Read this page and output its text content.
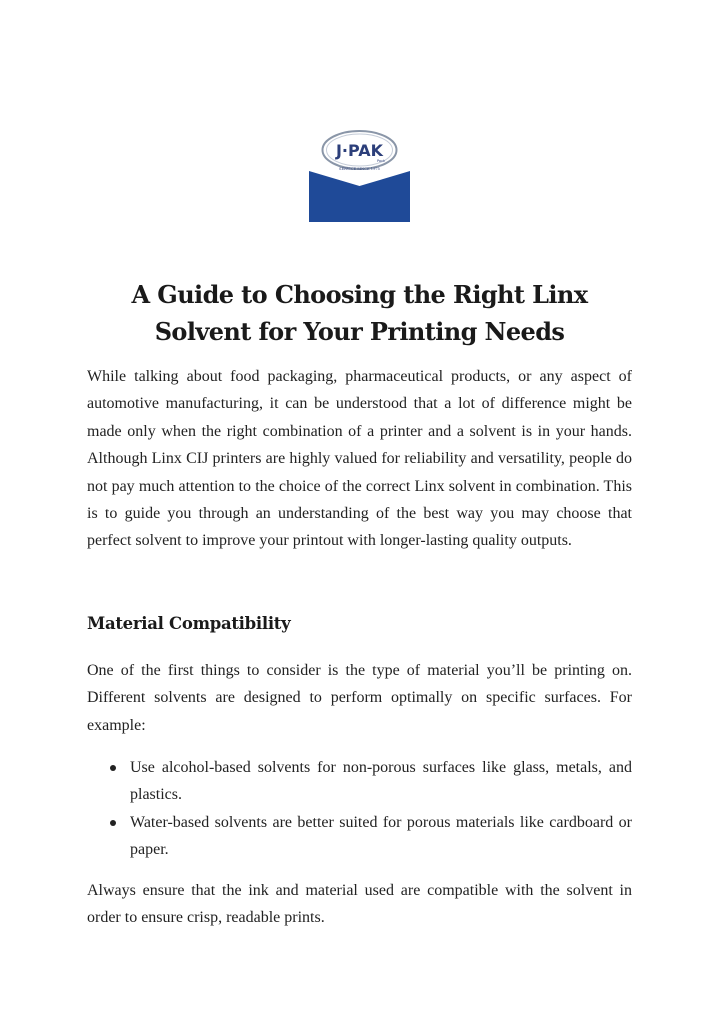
J·PAK
Pack
SERVICE SINCE 1975
A Guide to Choosing the Right Linx Solvent for Your Printing Needs

While talking about food packaging, pharmaceutical products, or any aspect of automotive manufacturing, it can be understood that a lot of difference might be made only when the right combination of a printer and a solvent is in your hands. Although Linx CIJ printers are highly valued for reliability and versatility, people do not pay much attention to the choice of the correct Linx solvent in combination. This is to guide you through an understanding of the best way you may choose that perfect solvent to improve your printout with longer-lasting quality outputs.

Material Compatibility

One of the first things to consider is the type of material you’ll be printing on. Different solvents are designed to perform optimally on specific surfaces. For example:

Use alcohol-based solvents for non-porous surfaces like glass, metals, and plastics.
Water-based solvents are better suited for porous materials like cardboard or paper.

Always ensure that the ink and material used are compatible with the solvent in order to ensure crisp, readable prints.
